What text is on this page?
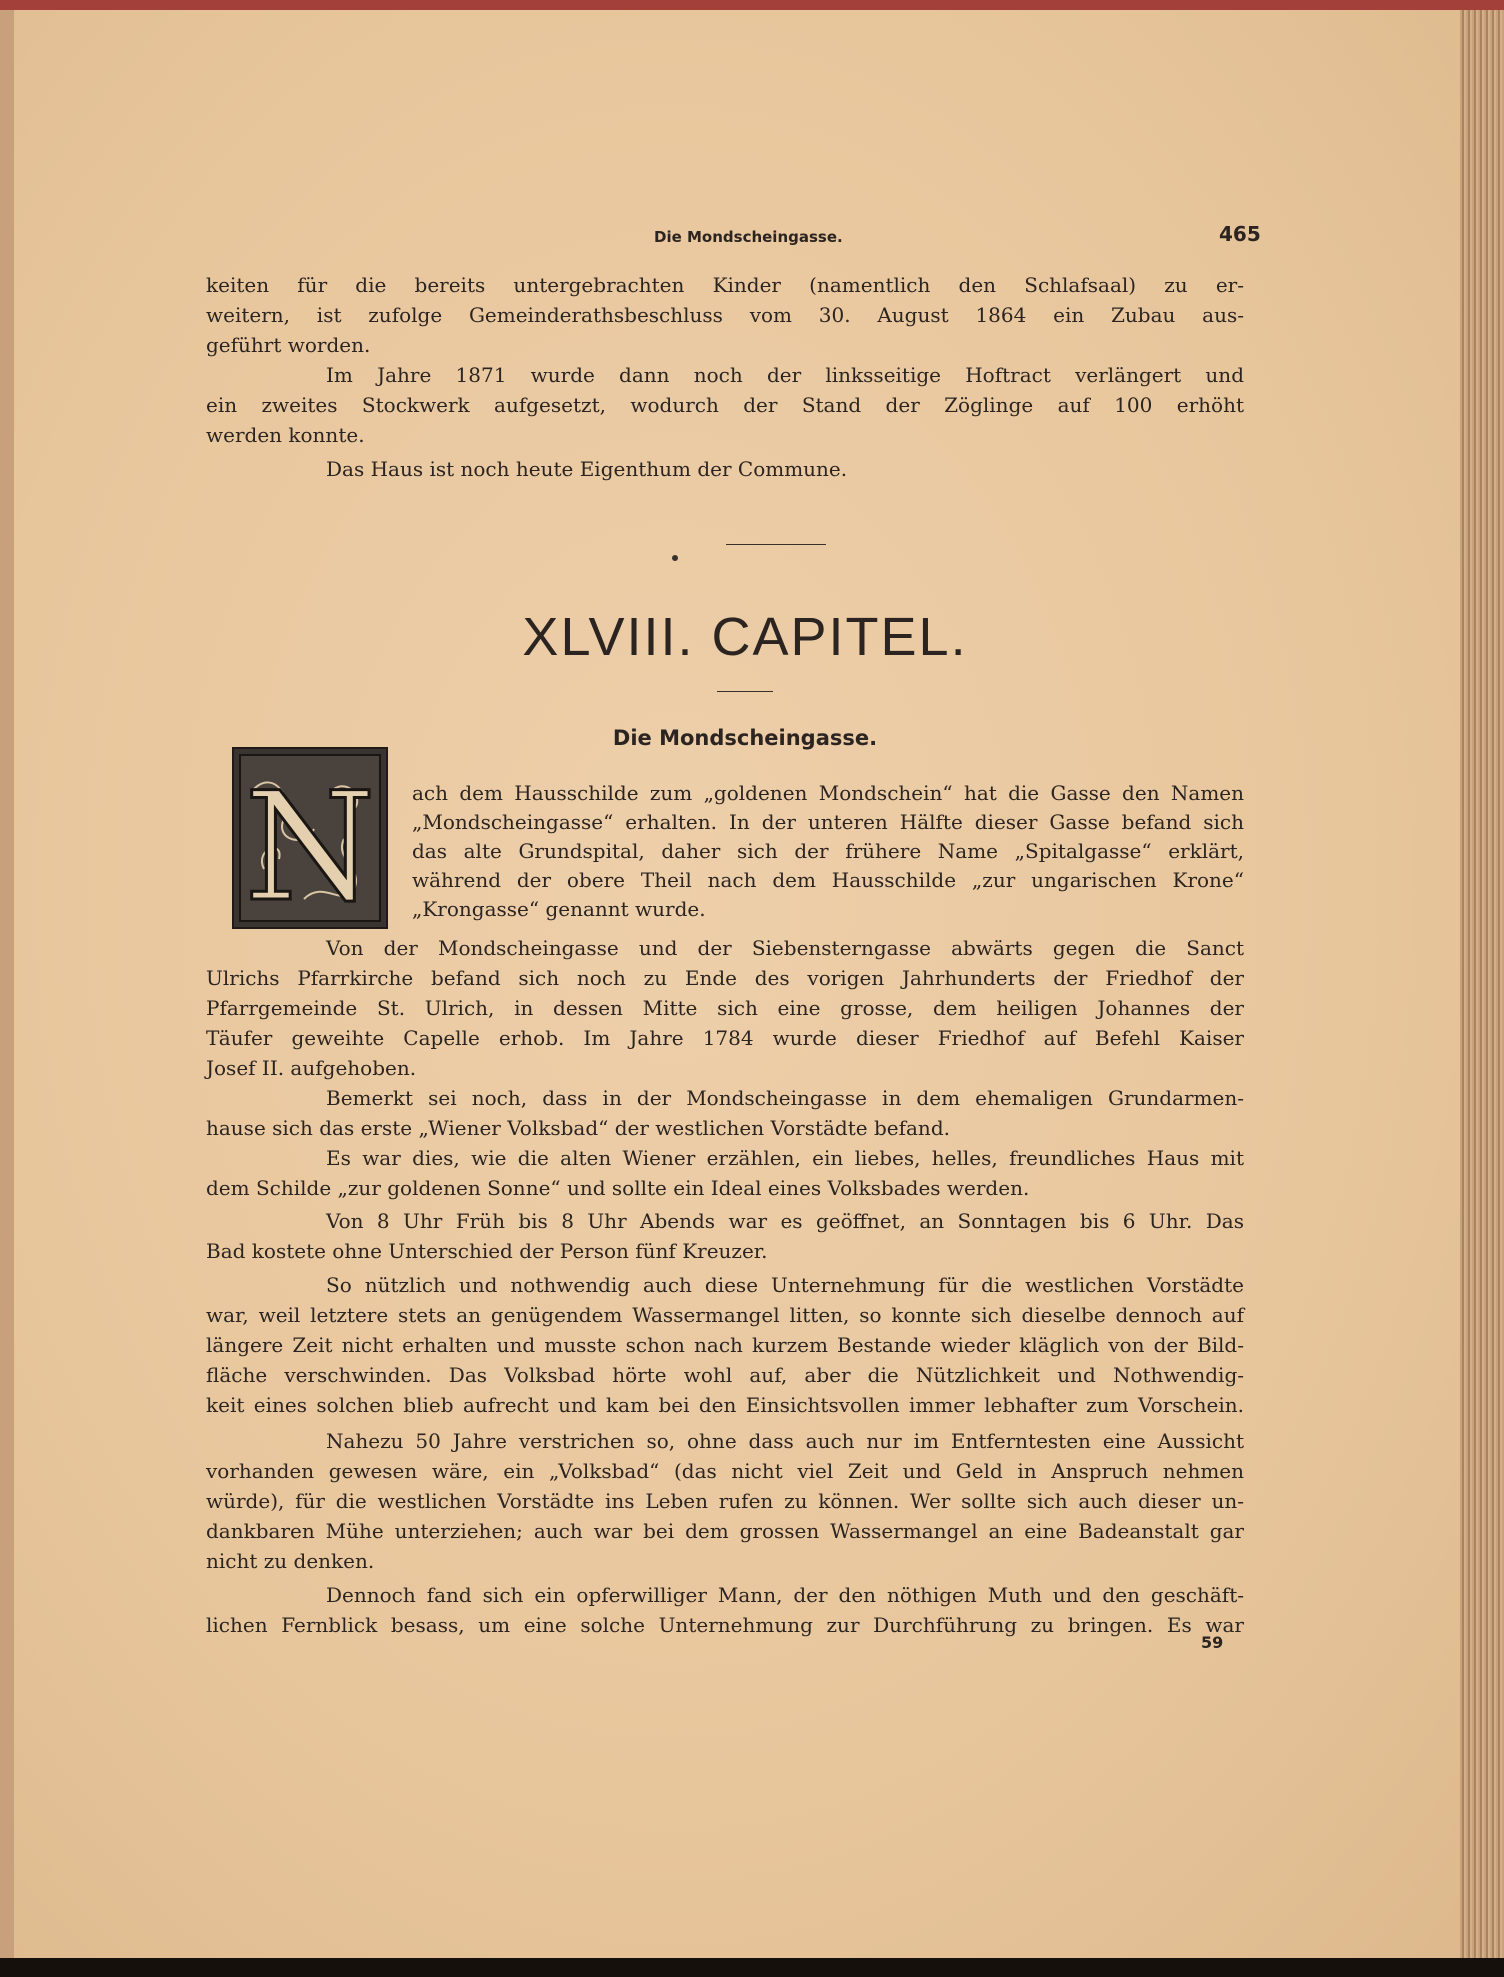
Die Mondscheingasse.	465
keiten für die bereits untergebrachten Kinder (namentlich den Schlafsaal) zu er-
weitern, ist zufolge Gemeinderathsbeschluss vom 30. August 1864 ein Zubau aus-
geführt worden.
Im Jahre 1871 wurde dann noch der linksseitige Hoftract verlängert und
ein zweites Stockwerk aufgesetzt, wodurch der Stand der Zöglinge auf 100 erhöht
werden konnte.
Das Haus ist noch heute Eigenthum der Commune.
XLVIII. CAPITEL.
Die Mondscheingasse.
N ach dem Hausschilde zum „goldenen Mondschein“ hat die Gasse den Namen
„Mondscheingasse“ erhalten. In der unteren Hälfte dieser Gasse befand sich
das alte Grundspital, daher sich der frühere Name „Spitalgasse“ erklärt,
während der obere Theil nach dem Hausschilde „zur ungarischen Krone“
„Krongasse“ genannt wurde.
Von der Mondscheingasse und der Siebensterngasse abwärts gegen die Sanct
Ulrichs Pfarrkirche befand sich noch zu Ende des vorigen Jahrhunderts der Friedhof der
Pfarrgemeinde St. Ulrich, in dessen Mitte sich eine grosse, dem heiligen Johannes der
Täufer geweihte Capelle erhob. Im Jahre 1784 wurde dieser Friedhof auf Befehl Kaiser
Josef II. aufgehoben.
Bemerkt sei noch, dass in der Mondscheingasse in dem ehemaligen Grundarmen-
hause sich das erste „Wiener Volksbad“ der westlichen Vorstädte befand.
Es war dies, wie die alten Wiener erzählen, ein liebes, helles, freundliches Haus mit
dem Schilde „zur goldenen Sonne“ und sollte ein Ideal eines Volksbades werden.
Von 8 Uhr Früh bis 8 Uhr Abends war es geöffnet, an Sonntagen bis 6 Uhr. Das
Bad kostete ohne Unterschied der Person fünf Kreuzer.
So nützlich und nothwendig auch diese Unternehmung für die westlichen Vorstädte
war, weil letztere stets an genügendem Wassermangel litten, so konnte sich dieselbe dennoch auf
längere Zeit nicht erhalten und musste schon nach kurzem Bestande wieder kläglich von der Bild-
fläche verschwinden. Das Volksbad hörte wohl auf, aber die Nützlichkeit und Nothwendig-
keit eines solchen blieb aufrecht und kam bei den Einsichtsvollen immer lebhafter zum Vorschein.
Nahezu 50 Jahre verstrichen so, ohne dass auch nur im Entferntesten eine Aussicht
vorhanden gewesen wäre, ein „Volksbad“ (das nicht viel Zeit und Geld in Anspruch nehmen
würde), für die westlichen Vorstädte ins Leben rufen zu können. Wer sollte sich auch dieser un-
dankbaren Mühe unterziehen; auch war bei dem grossen Wassermangel an eine Badeanstalt gar
nicht zu denken.
Dennoch fand sich ein opferwilliger Mann, der den nöthigen Muth und den geschäft-
lichen Fernblick besass, um eine solche Unternehmung zur Durchführung zu bringen. Es war
59
